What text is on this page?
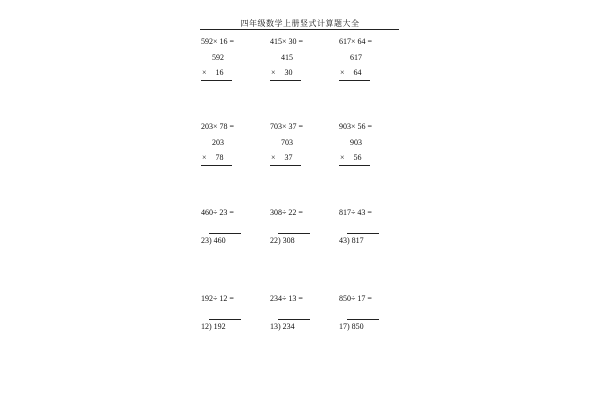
四年级数学上册竖式计算题大全
592× 16 =
592
× 16
415× 30 =
415
× 30
617× 64 =
617
× 64
203× 78 =
203
× 78
703× 37 =
703
× 37
903× 56 =
903
× 56
460÷ 23 =
23) 460
308÷ 22 =
22) 308
817÷ 43 =
43) 817
192÷ 12 =
12) 192
234÷ 13 =
13) 234
850÷ 17 =
17) 850
